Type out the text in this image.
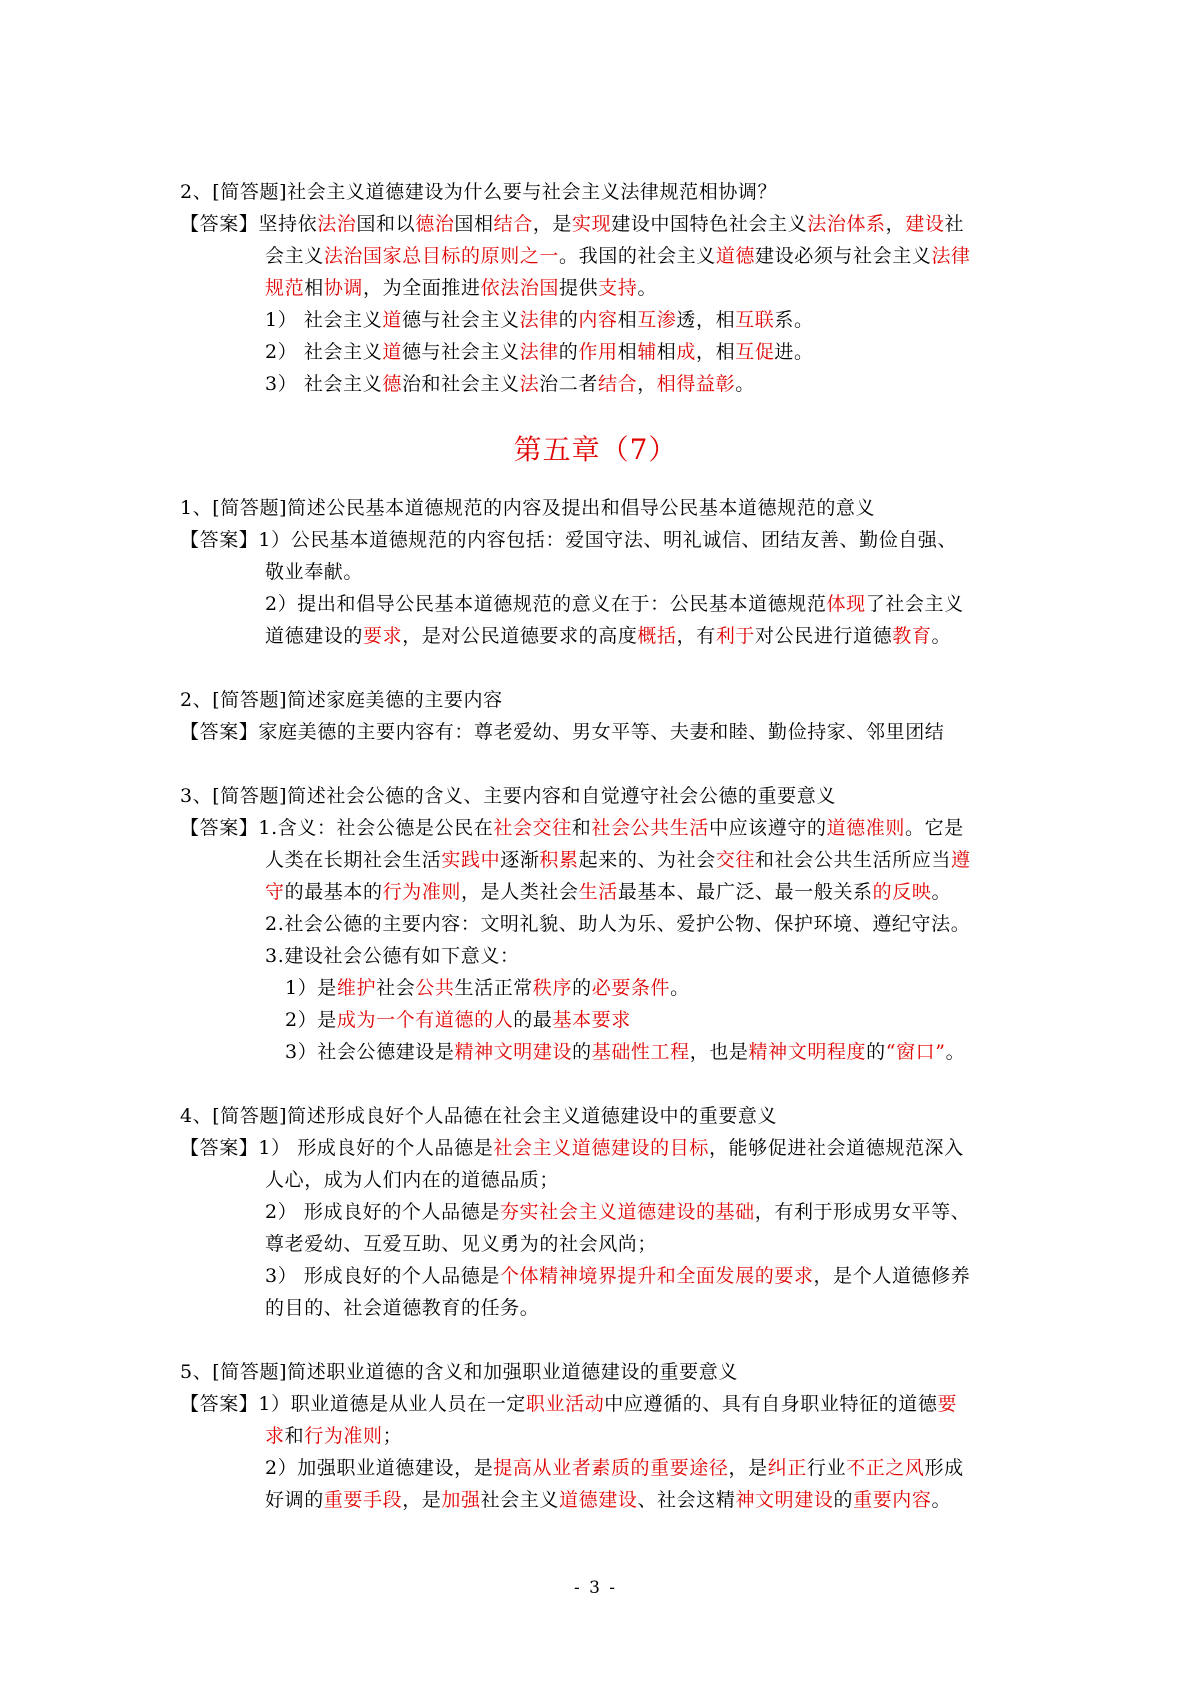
2、[简答题]社会主义道德建设为什么要与社会主义法律规范相协调？
【答案】坚持依法治国和以德治国相结合，是实现建设中国特色社会主义法治体系，建设社
会主义法治国家总目标的原则之一。我国的社会主义道德建设必须与社会主义法律
规范相协调，为全面推进依法治国提供支持。
1） 社会主义道德与社会主义法律的内容相互渗透，相互联系。
2） 社会主义道德与社会主义法律的作用相辅相成，相互促进。
3） 社会主义德治和社会主义法治二者结合，相得益彰。
1、[简答题]简述公民基本道德规范的内容及提出和倡导公民基本道德规范的意义
【答案】1）公民基本道德规范的内容包括：爱国守法、明礼诚信、团结友善、勤俭自强、
敬业奉献。
2）提出和倡导公民基本道德规范的意义在于：公民基本道德规范体现了社会主义
道德建设的要求，是对公民道德要求的高度概括，有利于对公民进行道德教育。
2、[简答题]简述家庭美德的主要内容
【答案】家庭美德的主要内容有：尊老爱幼、男女平等、夫妻和睦、勤俭持家、邻里团结
3、[简答题]简述社会公德的含义、主要内容和自觉遵守社会公德的重要意义
【答案】1.含义：社会公德是公民在社会交往和社会公共生活中应该遵守的道德准则。它是
人类在长期社会生活实践中逐渐积累起来的、为社会交往和社会公共生活所应当遵
守的最基本的行为准则，是人类社会生活最基本、最广泛、最一般关系的反映。
2.社会公德的主要内容：文明礼貌、助人为乐、爱护公物、保护环境、遵纪守法。
3.建设社会公德有如下意义：
1）是维护社会公共生活正常秩序的必要条件。
2）是成为一个有道德的人的最基本要求
3）社会公德建设是精神文明建设的基础性工程，也是精神文明程度的“窗口”。
4、[简答题]简述形成良好个人品德在社会主义道德建设中的重要意义
【答案】1） 形成良好的个人品德是社会主义道德建设的目标，能够促进社会道德规范深入
人心，成为人们内在的道德品质；
2） 形成良好的个人品德是夯实社会主义道德建设的基础，有利于形成男女平等、
尊老爱幼、互爱互助、见义勇为的社会风尚；
3） 形成良好的个人品德是个体精神境界提升和全面发展的要求，是个人道德修养
的目的、社会道德教育的任务。
5、[简答题]简述职业道德的含义和加强职业道德建设的重要意义
【答案】1）职业道德是从业人员在一定职业活动中应遵循的、具有自身职业特征的道德要
求和行为准则；
2）加强职业道德建设，是提高从业者素质的重要途径，是纠正行业不正之风形成
好调的重要手段，是加强社会主义道德建设、社会这精神文明建设的重要内容。
第五章（7）
- 3 -
